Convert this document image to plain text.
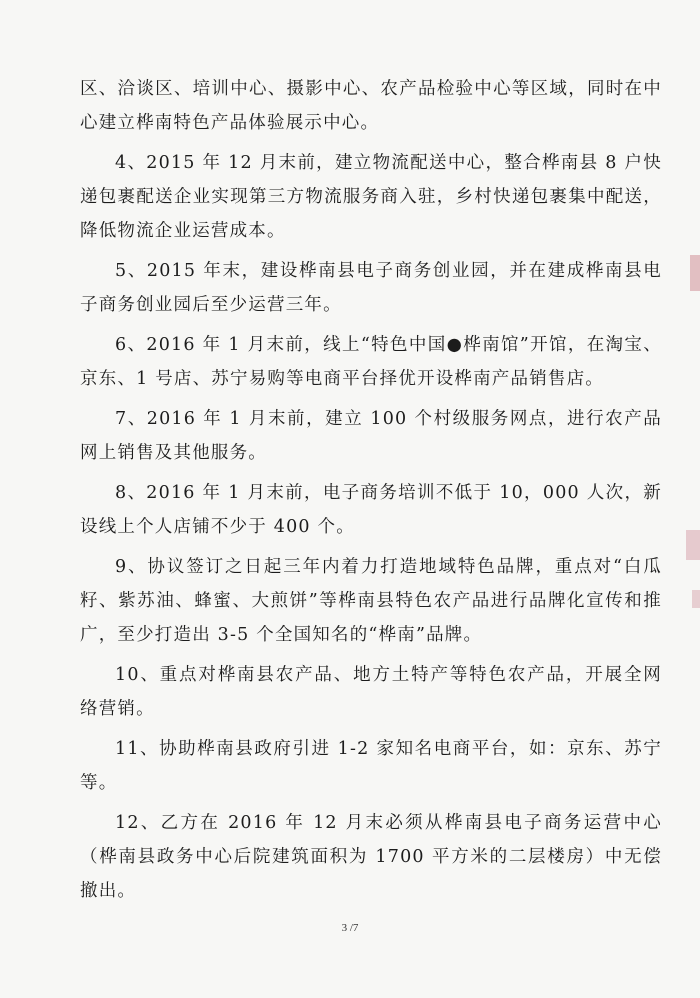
区、洽谈区、培训中心、摄影中心、农产品检验中心等区域，同时在中心建立桦南特色产品体验展示中心。

4、2015 年 12 月末前，建立物流配送中心，整合桦南县 8 户快递包裹配送企业实现第三方物流服务商入驻，乡村快递包裹集中配送，降低物流企业运营成本。

5、2015 年末，建设桦南县电子商务创业园，并在建成桦南县电子商务创业园后至少运营三年。

6、2016 年 1 月末前，线上“特色中国●桦南馆”开馆，在淘宝、京东、1 号店、苏宁易购等电商平台择优开设桦南产品销售店。

7、2016 年 1 月末前，建立 100 个村级服务网点，进行农产品网上销售及其他服务。

8、2016 年 1 月末前，电子商务培训不低于 10，000 人次，新设线上个人店铺不少于 400 个。

9、协议签订之日起三年内着力打造地域特色品牌，重点对“白瓜籽、紫苏油、蜂蜜、大煎饼”等桦南县特色农产品进行品牌化宣传和推广，至少打造出 3-5 个全国知名的“桦南”品牌。

10、重点对桦南县农产品、地方土特产等特色农产品，开展全网络营销。

11、协助桦南县政府引进 1-2 家知名电商平台，如：京东、苏宁等。

12、乙方在 2016 年 12 月末必须从桦南县电子商务运营中心（桦南县政务中心后院建筑面积为 1700 平方米的二层楼房）中无偿撤出。

3 /7
